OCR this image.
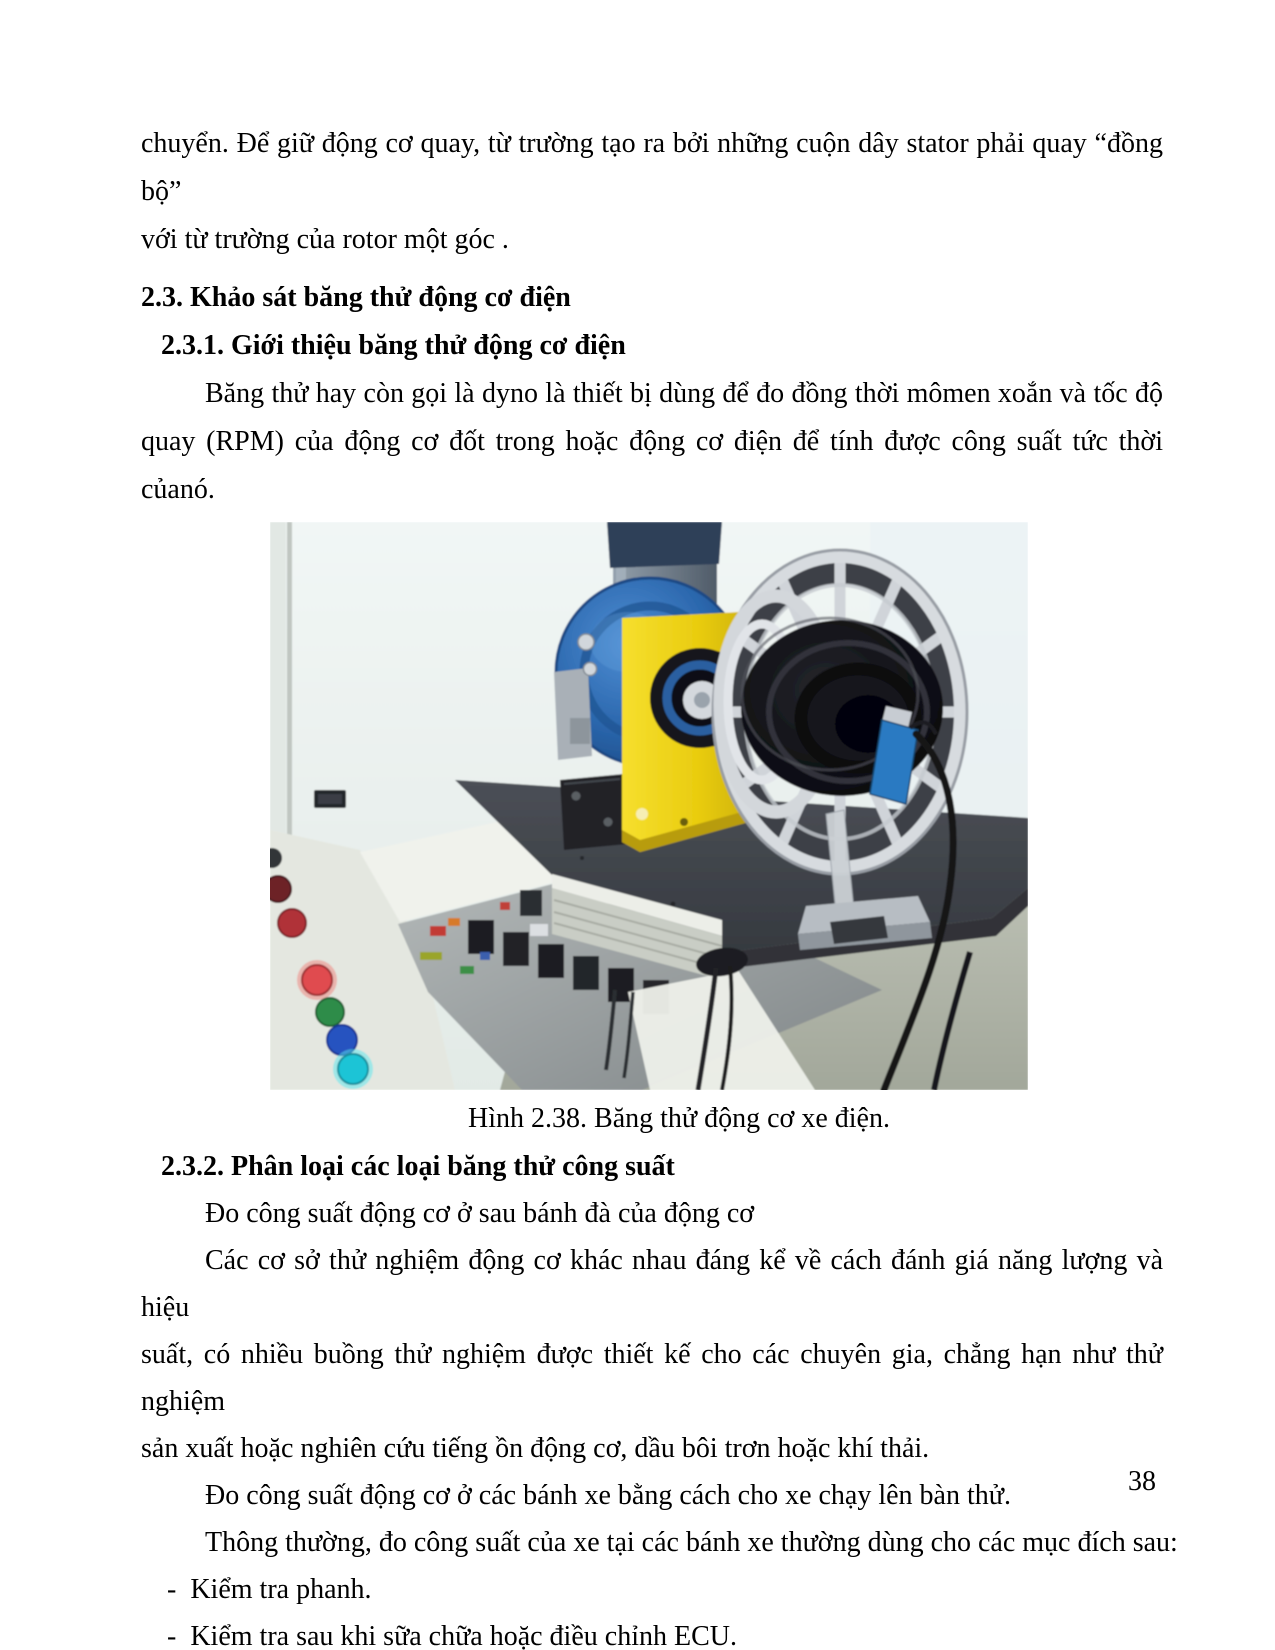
chuyển. Để giữ động cơ quay, từ trường tạo ra bởi những cuộn dây stator phải quay “đồng bộ”
với từ trường của rotor một góc .
2.3. Khảo sát băng thử động cơ điện
2.3.1. Giới thiệu băng thử động cơ điện
Băng thử hay còn gọi là dyno là thiết bị dùng để đo đồng thời mômen xoắn và tốc độ
quay (RPM) của động cơ đốt trong hoặc động cơ điện để tính được công suất tức thời củanó.
Hình 2.38. Băng thử động cơ xe điện.
2.3.2. Phân loại các loại băng thử công suất
Đo công suất động cơ ở sau bánh đà của động cơ
Các cơ sở thử nghiệm động cơ khác nhau đáng kể về cách đánh giá năng lượng và hiệu
suất, có nhiều buồng thử nghiệm được thiết kế cho các chuyên gia, chẳng hạn như thử nghiệm
sản xuất hoặc nghiên cứu tiếng ồn động cơ, dầu bôi trơn hoặc khí thải.
Đo công suất động cơ ở các bánh xe bằng cách cho xe chạy lên bàn thử.
Thông thường, đo công suất của xe tại các bánh xe thường dùng cho các mục đích sau:
- Kiểm tra phanh.
- Kiểm tra sau khi sữa chữa hoặc điều chỉnh ECU.
38
